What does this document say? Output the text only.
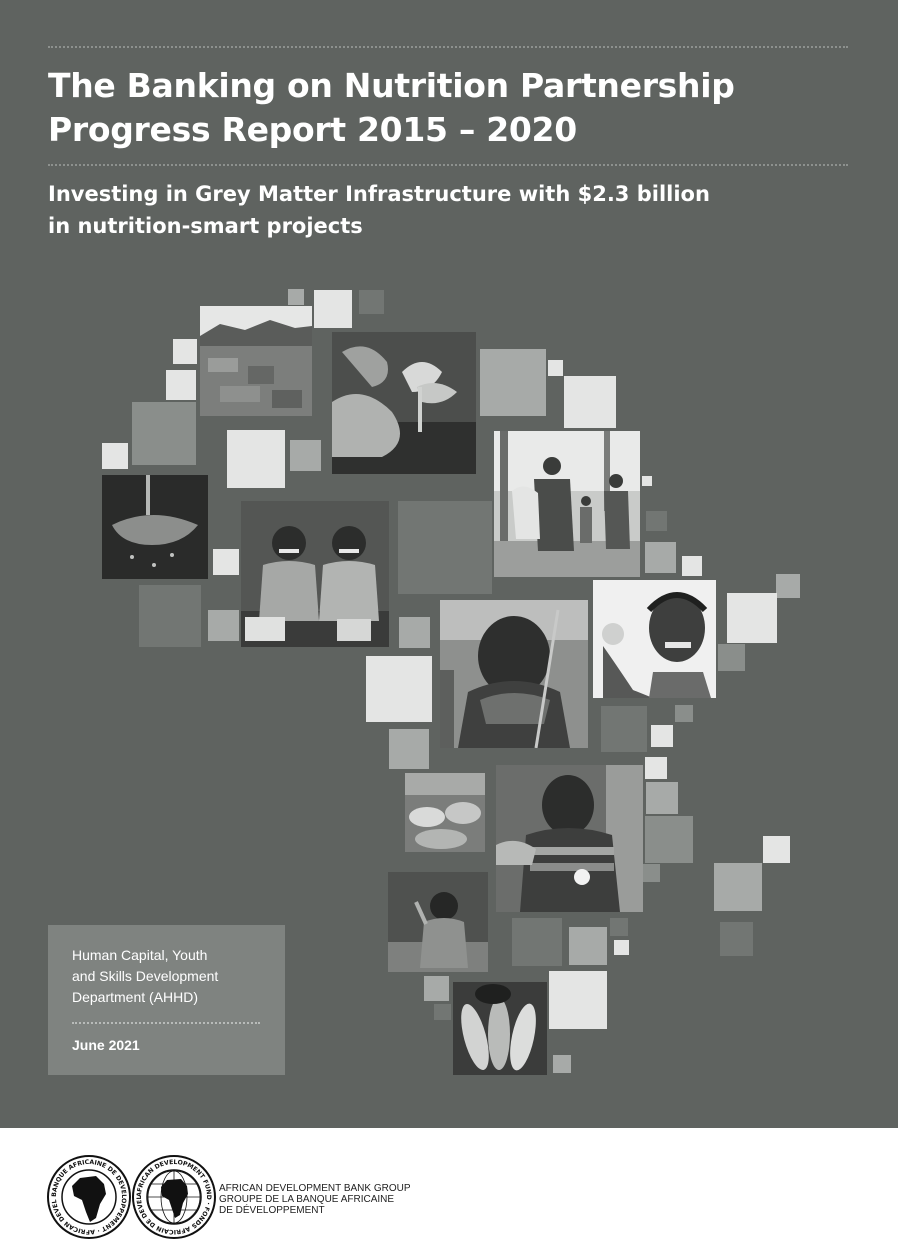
The Banking on Nutrition Partnership
Progress Report 2015 – 2020
Investing in Grey Matter Infrastructure with $2.3 billion
in nutrition-smart projects

Human Capital, Youth
and Skills Development
Department (AHHD)

June 2021

BANQUE AFRICAINE DE DEVELOPPEMENT · AFRICAN DEVEL
AFRICAN DEVELOPMENT FUND · FONDS AFRICAIN DE DEVEL
AFRICAN DEVELOPMENT BANK GROUP
GROUPE DE LA BANQUE AFRICAINE
DE DÉVELOPPEMENT
